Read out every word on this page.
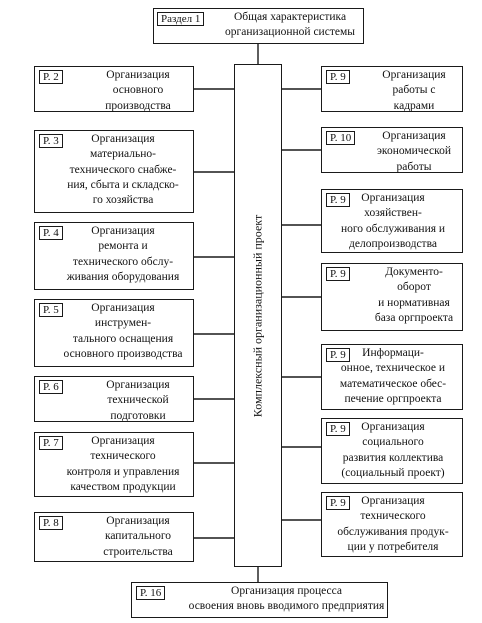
Раздел 1	Общая характеристика
организационной системы
Комплексный организационный проект
Р. 2	Организация
основного
производства
Р. 3	Организация
материально-
технического снабже-
ния, сбыта и складско-
го хозяйства
Р. 4	Организация
ремонта и
технического обслу-
живания оборудования
Р. 5	Организация
инструмен-
тального оснащения
основного производства
Р. 6	Организация
технической
подготовки
Р. 7	Организация
технического
контроля и управления
качеством продукции
Р. 8	Организация
капитального
строительства
Р. 9	Организация
работы с
кадрами
Р. 10	Организация
экономической
работы
Р. 9	Организация
хозяйствен-
ного обслуживания и
делопроизводства
Р. 9	Документо-
оборот
и нормативная
база оргпроекта
Р. 9	Информаци-
онное, техническое и
математическое обес-
печение оргпроекта
Р. 9	Организация
социального
развития коллектива
(социальный проект)
Р. 9	Организация
технического
обслуживания продук-
ции у потребителя
Р. 16	Организация процесса
освоения вновь вводимого предприятия
